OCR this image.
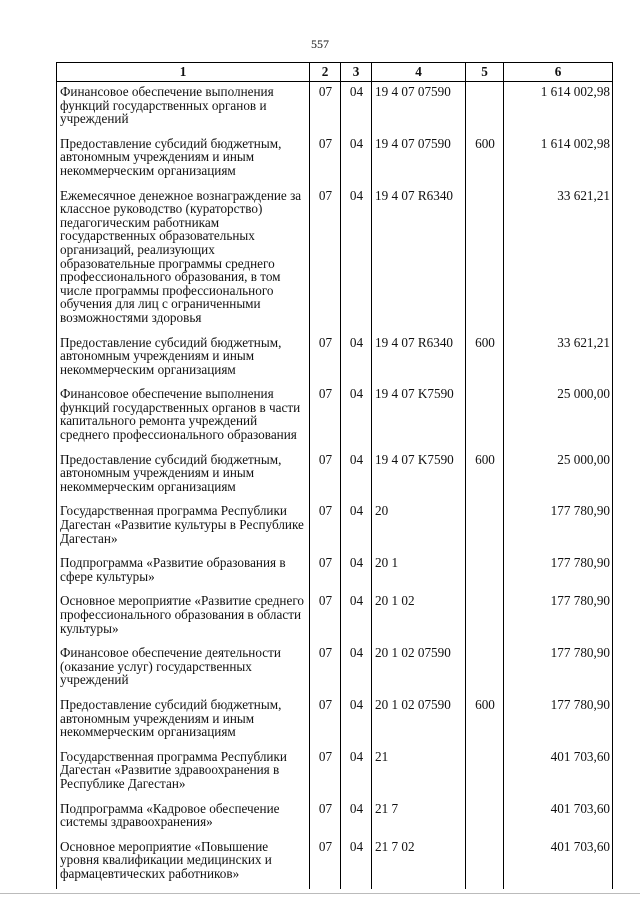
557
1	2	3	4	5	6
Финансовое обеспечение выполнения функций государственных органов и учреждений	07	04	19 4 07 07590		1 614 002,98
Предоставление субсидий бюджетным, автономным учреждениям и иным некоммерческим организациям	07	04	19 4 07 07590	600	1 614 002,98
Ежемесячное денежное вознаграждение за классное руководство (кураторство) педагогическим работникам государственных образовательных организаций, реализующих образовательные программы среднего профессионального образования, в том числе программы профессионального обучения для лиц с ограниченными возможностями здоровья	07	04	19 4 07 R6340		33 621,21
Предоставление субсидий бюджетным, автономным учреждениям и иным некоммерческим организациям	07	04	19 4 07 R6340	600	33 621,21
Финансовое обеспечение выполнения функций государственных органов в части капитального ремонта учреждений среднего профессионального образования	07	04	19 4 07 K7590		25 000,00
Предоставление субсидий бюджетным, автономным учреждениям и иным некоммерческим организациям	07	04	19 4 07 K7590	600	25 000,00
Государственная программа Республики Дагестан «Развитие культуры в Республике Дагестан»	07	04	20		177 780,90
Подпрограмма «Развитие образования в сфере культуры»	07	04	20 1		177 780,90
Основное мероприятие «Развитие среднего профессионального образования в области культуры»	07	04	20 1 02		177 780,90
Финансовое обеспечение деятельности (оказание услуг) государственных учреждений	07	04	20 1 02 07590		177 780,90
Предоставление субсидий бюджетным, автономным учреждениям и иным некоммерческим организациям	07	04	20 1 02 07590	600	177 780,90
Государственная программа Республики Дагестан «Развитие здравоохранения в Республике Дагестан»	07	04	21		401 703,60
Подпрограмма «Кадровое обеспечение системы здравоохранения»	07	04	21 7		401 703,60
Основное мероприятие «Повышение уровня квалификации медицинских и фармацевтических работников»	07	04	21 7 02		401 703,60
